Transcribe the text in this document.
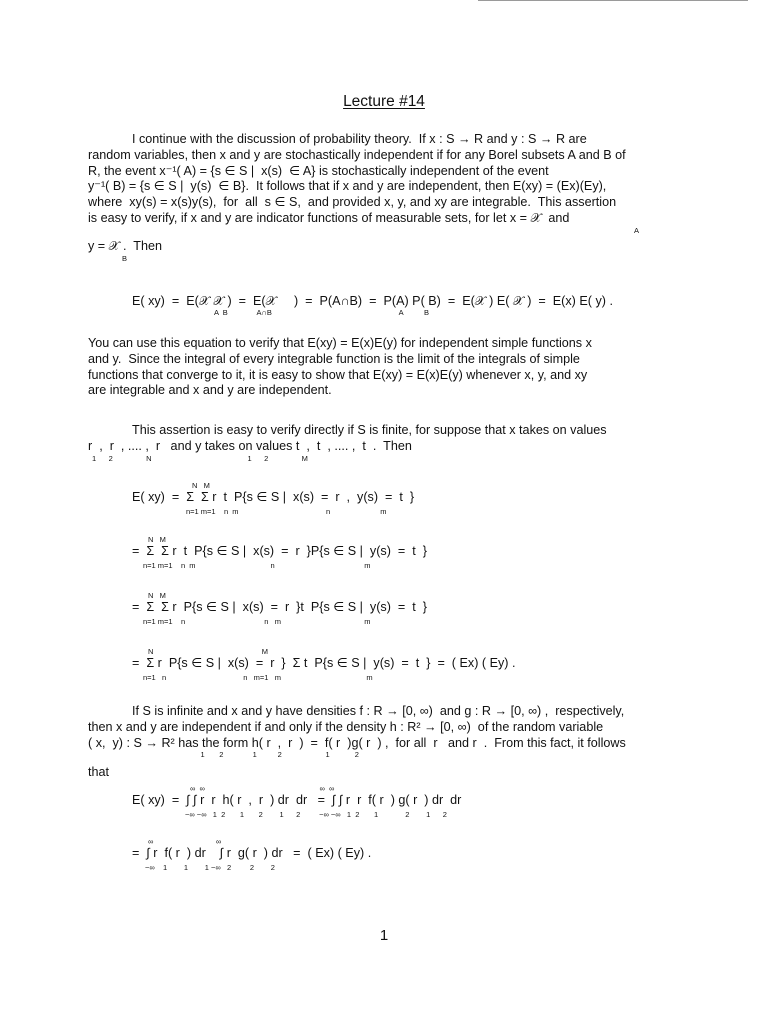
Lecture #14
I continue with the discussion of probability theory.  If x : S → R and y : S → R are
random variables, then x and y are stochastically independent if for any Borel subsets A and B of
R, the event x⁻¹( A) = {s ∈ S |  x(s)  ∈ A} is stochastically independent of the event
y⁻¹( B) = {s ∈ S |  y(s)  ∈ B}.  It follows that if x and y are independent, then E(xy) = (Ex)(Ey),
where  xy(s) = x(s)y(s),  for  all  s ∈ S,  and provided x, y, and xy are integrable.  This assertion
is easy to verify, if x and y are indicator functions of measurable sets, for let x = 𝒳  and
A
y = 𝒳 .  Then
B
E( xy)  =  E(𝒳 𝒳 )  =  E(𝒳     )  =  P(A∩B)  =  P(A) P( B)  =  E(𝒳 ) E( 𝒳 )  =  E(x) E( y) .
A  B              A∩B                                                             A          B
You can use this equation to verify that E(xy) = E(x)E(y) for independent simple functions x
and y.  Since the integral of every integrable function is the limit of the integrals of simple
functions that converge to it, it is easy to show that E(xy) = E(x)E(y) whenever x, y, and xy
are integrable and x and y are independent.
This assertion is easy to verify directly if S is finite, for suppose that x takes on values
r  ,  r  , .... ,  r   and y takes on values t  ,  t  , .... ,  t  .  Then
1      2                N                                              1      2                M
N   M
E( xy)  =  Σ  Σ r  t  P{s ∈ S |  x(s)  =  r  ,  y(s)  =  t  }
n=1 m=1    n  m                                          n                        m
N   M
=  Σ  Σ r  t  P{s ∈ S |  x(s)  =  r  }P{s ∈ S |  y(s)  =  t  }
n=1 m=1    n  m                                    n                                           m
N   M
=  Σ  Σ r  P{s ∈ S |  x(s)  =  r  }t  P{s ∈ S |  y(s)  =  t  }
n=1 m=1    n                                      n   m                                        m
N                                                    M
=  Σ r  P{s ∈ S |  x(s)  =  r  }  Σ t  P{s ∈ S |  y(s)  =  t  }  =  ( Ex) ( Ey) .
n=1   n                                     n   m=1   m                                         m
If S is infinite and x and y have densities f : R → [0, ∞)  and g : R → [0, ∞) ,  respectively,
then x and y are independent if and only if the density h : R² → [0, ∞)  of the random variable
( x,  y) : S → R² has the form h( r  ,  r  )  =  f( r  )g( r  ) ,  for all  r   and r  .  From this fact, it follows
1       2              1          2                     1            2
that
∞  ∞                                                       ∞  ∞
E( xy)  =  ∫ ∫ r  r  h( r  ,  r  ) dr  dr   =  ∫ ∫ r  r  f( r  ) g( r  ) dr  dr
−∞ −∞   1  2       1       2        1      2         −∞ −∞   1  2       1             2        1      2
∞                              ∞
=  ∫ r  f( r  ) dr    ∫ r  g( r  ) dr   =  ( Ex) ( Ey) .
−∞    1        1        1 −∞   2         2        2
1
